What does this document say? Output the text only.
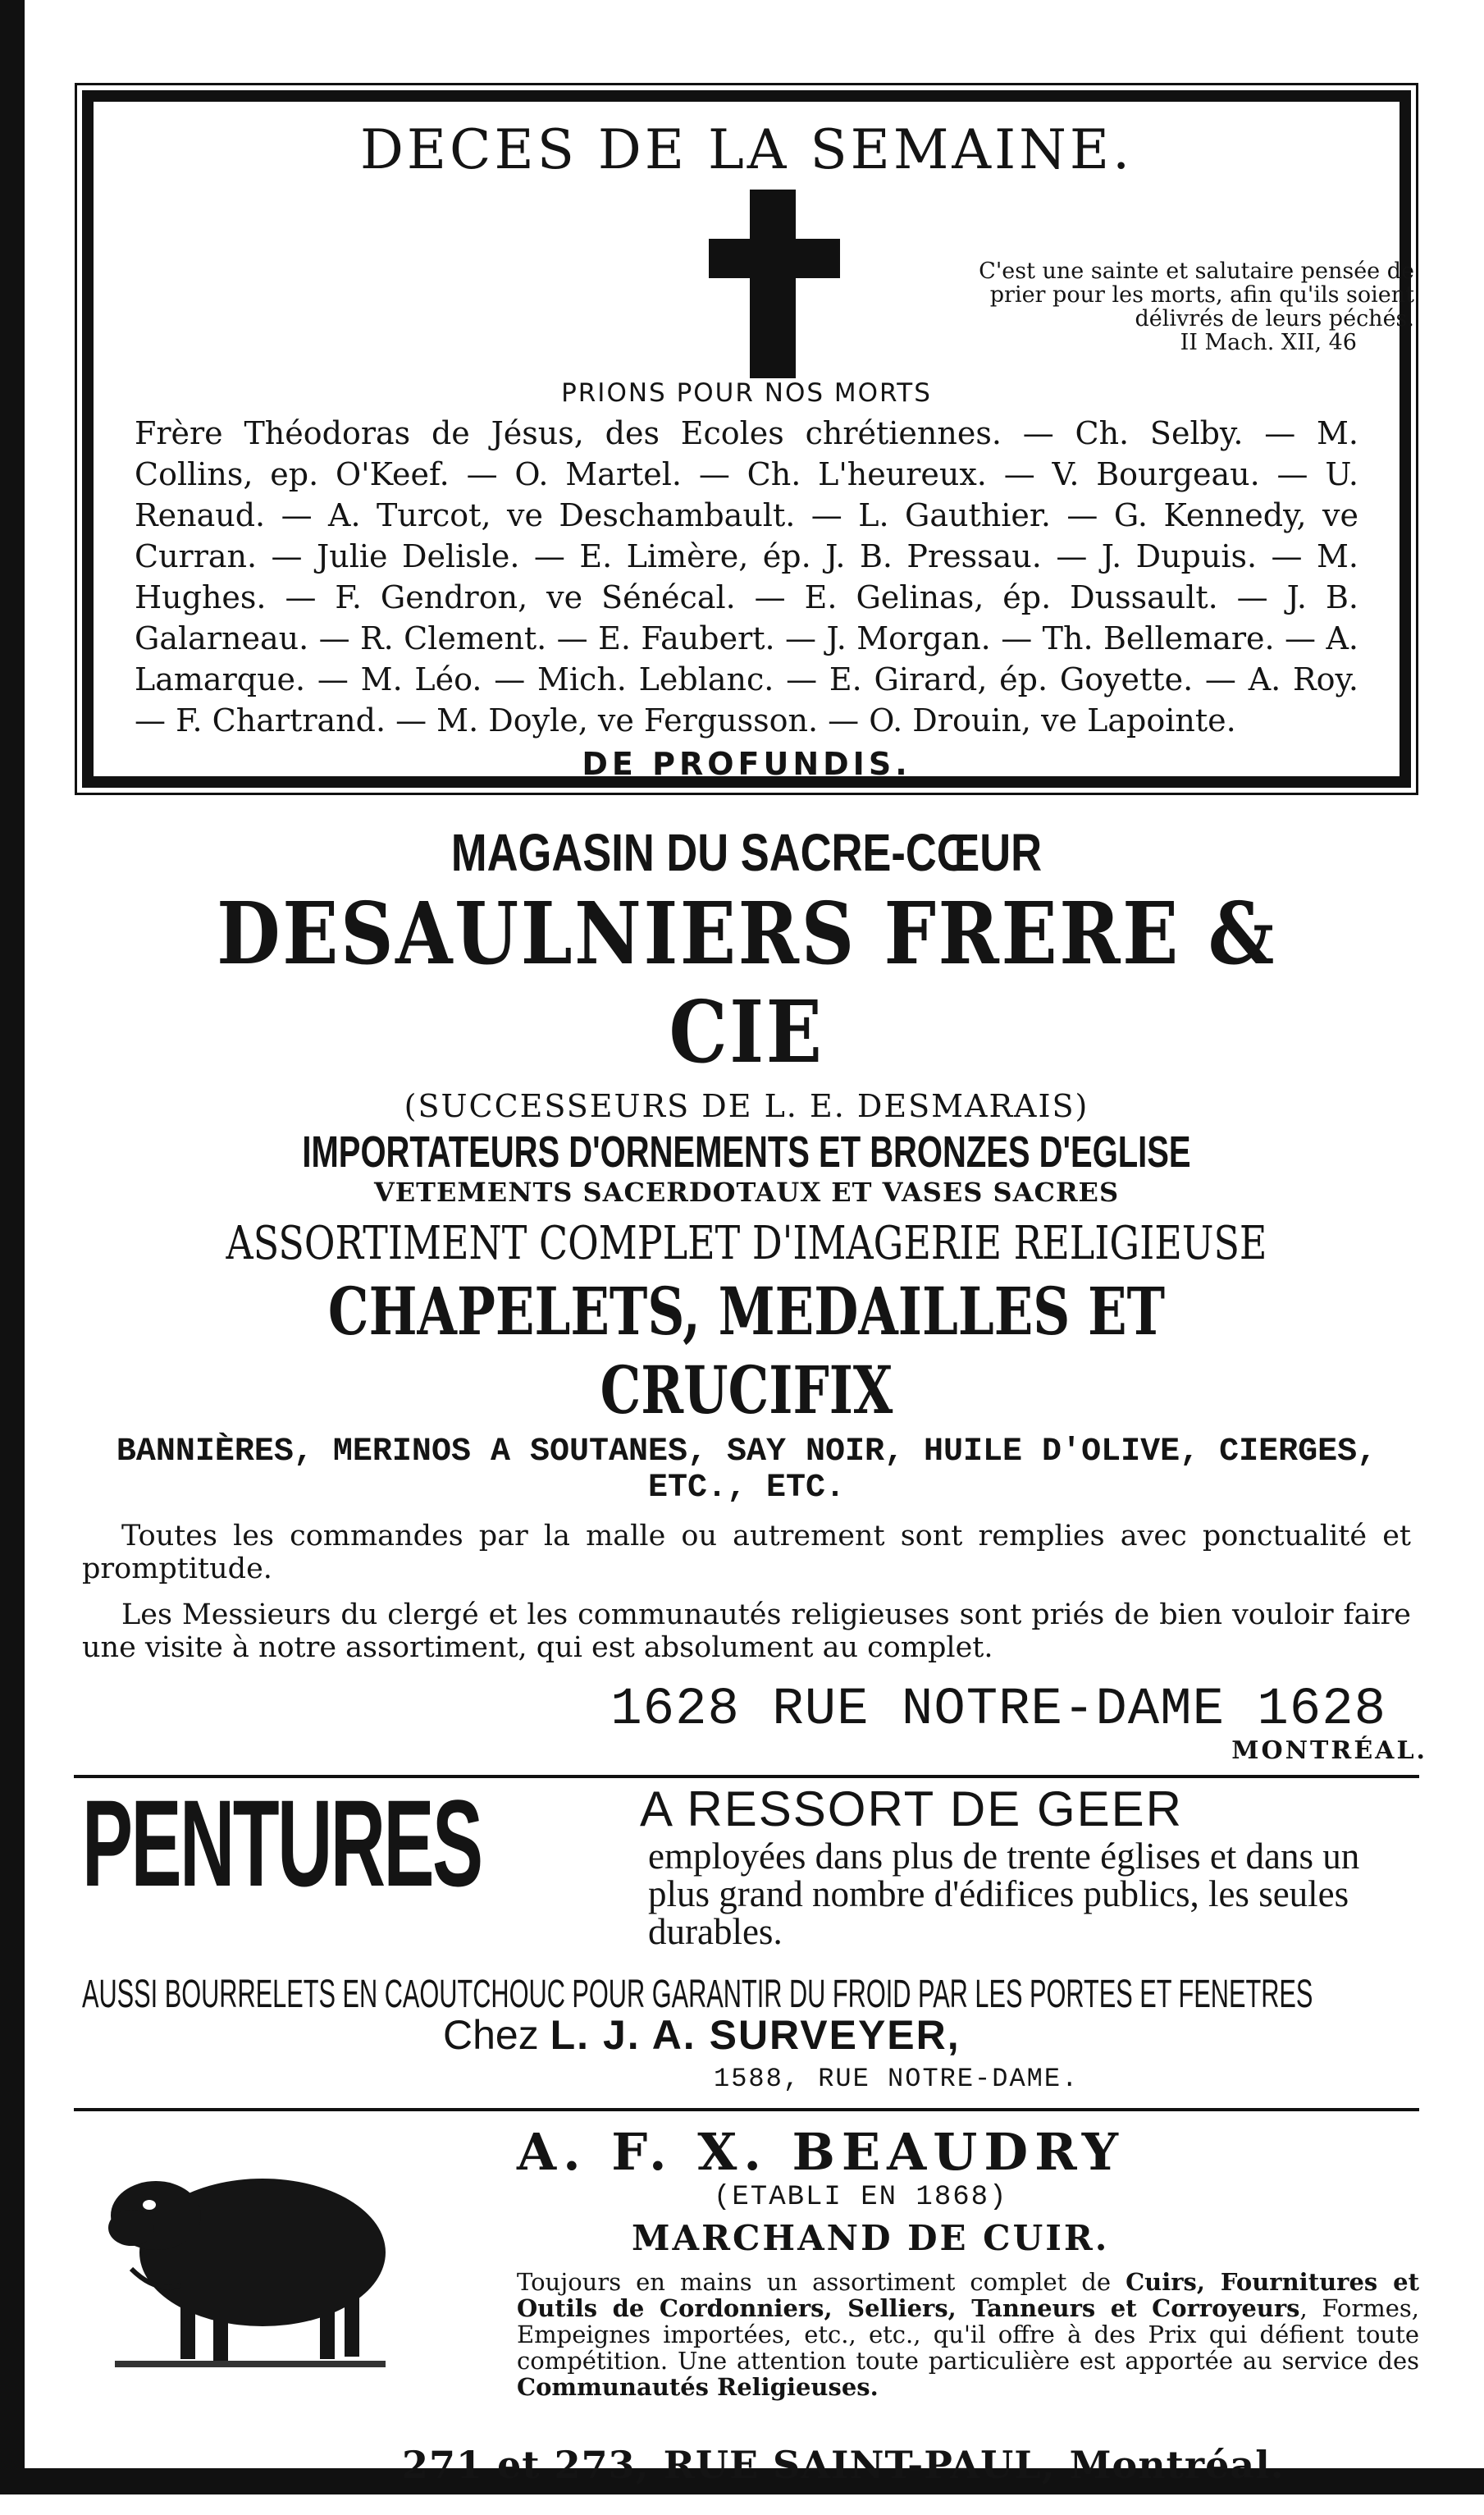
DECES DE LA SEMAINE.
C'est une sainte et salutaire pensée de prier pour les morts, afin qu'ils soient délivrés de leurs péchés.
II Mach. XII, 46

PRIONS POUR NOS MORTS

Frère Théodoras de Jésus, des Ecoles chrétiennes. — Ch. Selby. — M. Collins, ep. O'Keef. — O. Martel. — Ch. L'heureux. — V. Bourgeau. — U. Renaud. — A. Turcot, ve Deschambault. — L. Gauthier. — G. Kennedy, ve Curran. — Julie Delisle. — E. Limère, ép. J. B. Pressau. — J. Dupuis. — M. Hughes. — F. Gendron, ve Sénécal. — E. Gelinas, ép. Dussault. — J. B. Galarneau. — R. Clement. — E. Faubert. — J. Morgan. — Th. Bellemare. — A. Lamarque. — M. Léo. — Mich. Leblanc. — E. Girard, ép. Goyette. — A. Roy. — F. Chartrand. — M. Doyle, ve Fergusson. — O. Drouin, ve Lapointe.

DE PROFUNDIS.

MAGASIN DU SACRE-CŒUR

DESAULNIERS FRERE & CIE

(SUCCESSEURS DE L. E. DESMARAIS)

IMPORTATEURS D'ORNEMENTS ET BRONZES D'EGLISE

VETEMENTS SACERDOTAUX ET VASES SACRES

ASSORTIMENT COMPLET D'IMAGERIE RELIGIEUSE

CHAPELETS, MEDAILLES ET CRUCIFIX

BANNIÈRES, MERINOS A SOUTANES, SAY NOIR, HUILE D'OLIVE, CIERGES, ETC., ETC.

Toutes les commandes par la malle ou autrement sont remplies avec ponctualité et promptitude.

Les Messieurs du clergé et les communautés religieuses sont priés de bien vouloir faire une visite à notre assortiment, qui est absolument au complet.

1628 RUE NOTRE-DAME 1628

MONTRÉAL.

PENTURES	A RESSORT DE GEER

employées dans plus de trente églises et dans un plus grand nombre d'édifices publics, les seules durables.

AUSSI BOURRELETS EN CAOUTCHOUC POUR GARANTIR DU FROID PAR LES PORTES ET FENETRES

Chez L. J. A. SURVEYER,

1588, RUE NOTRE-DAME.

A. F. X. BEAUDRY

(ETABLI EN 1868)

MARCHAND DE CUIR.

Toujours en mains un assortiment complet de Cuirs, Fournitures et Outils de Cordonniers, Selliers, Tanneurs et Corroyeurs, Formes, Empeignes importées, etc., etc., qu'il offre à des Prix qui défient toute compétition. Une attention toute particulière est apportée au service des Communautés Religieuses.

271 et 273, RUE SAINT-PAUL, Montréal.
